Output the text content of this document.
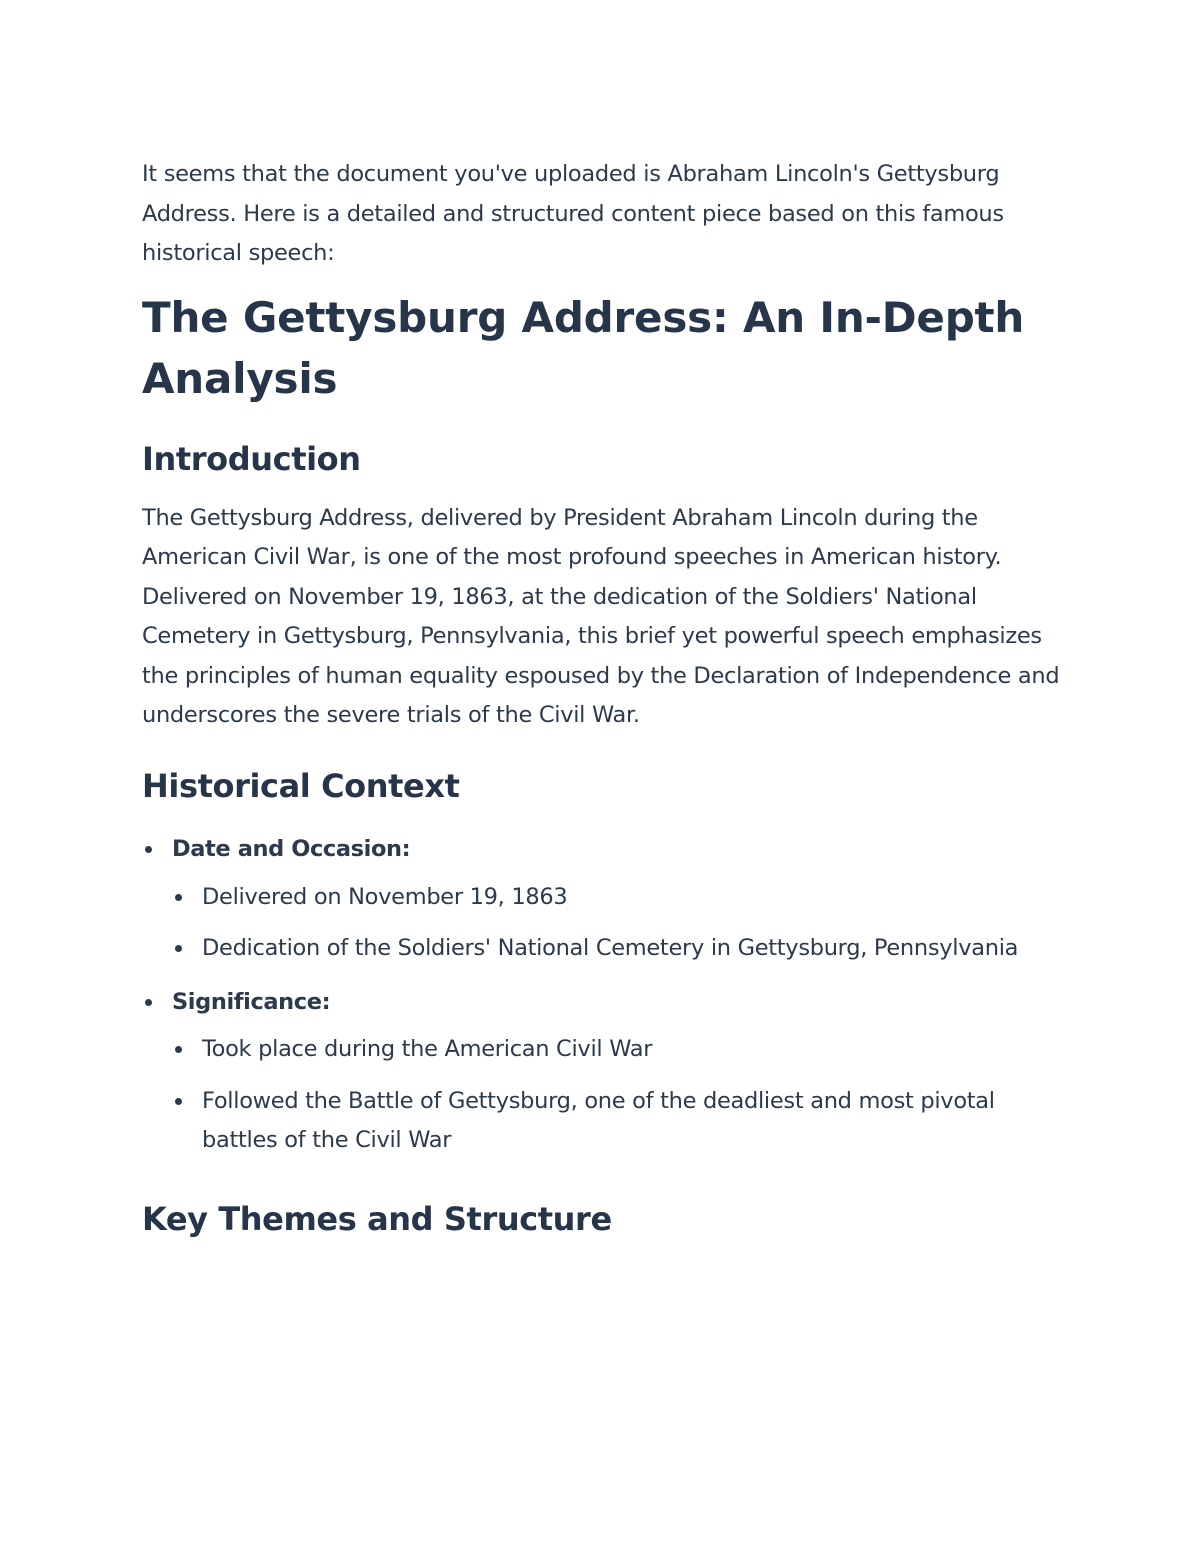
It seems that the document you've uploaded is Abraham Lincoln's Gettysburg Address. Here is a detailed and structured content piece based on this famous historical speech:

The Gettysburg Address: An In-Depth Analysis
Introduction

The Gettysburg Address, delivered by President Abraham Lincoln during the American Civil War, is one of the most profound speeches in American history. Delivered on November 19, 1863, at the dedication of the Soldiers' National Cemetery in Gettysburg, Pennsylvania, this brief yet powerful speech emphasizes the principles of human equality espoused by the Declaration of Independence and underscores the severe trials of the Civil War.

Historical Context
Date and Occasion:
Delivered on November 19, 1863
Dedication of the Soldiers' National Cemetery in Gettysburg, Pennsylvania
Significance:
Took place during the American Civil War
Followed the Battle of Gettysburg, one of the deadliest and most pivotal battles of the Civil War
Key Themes and Structure
